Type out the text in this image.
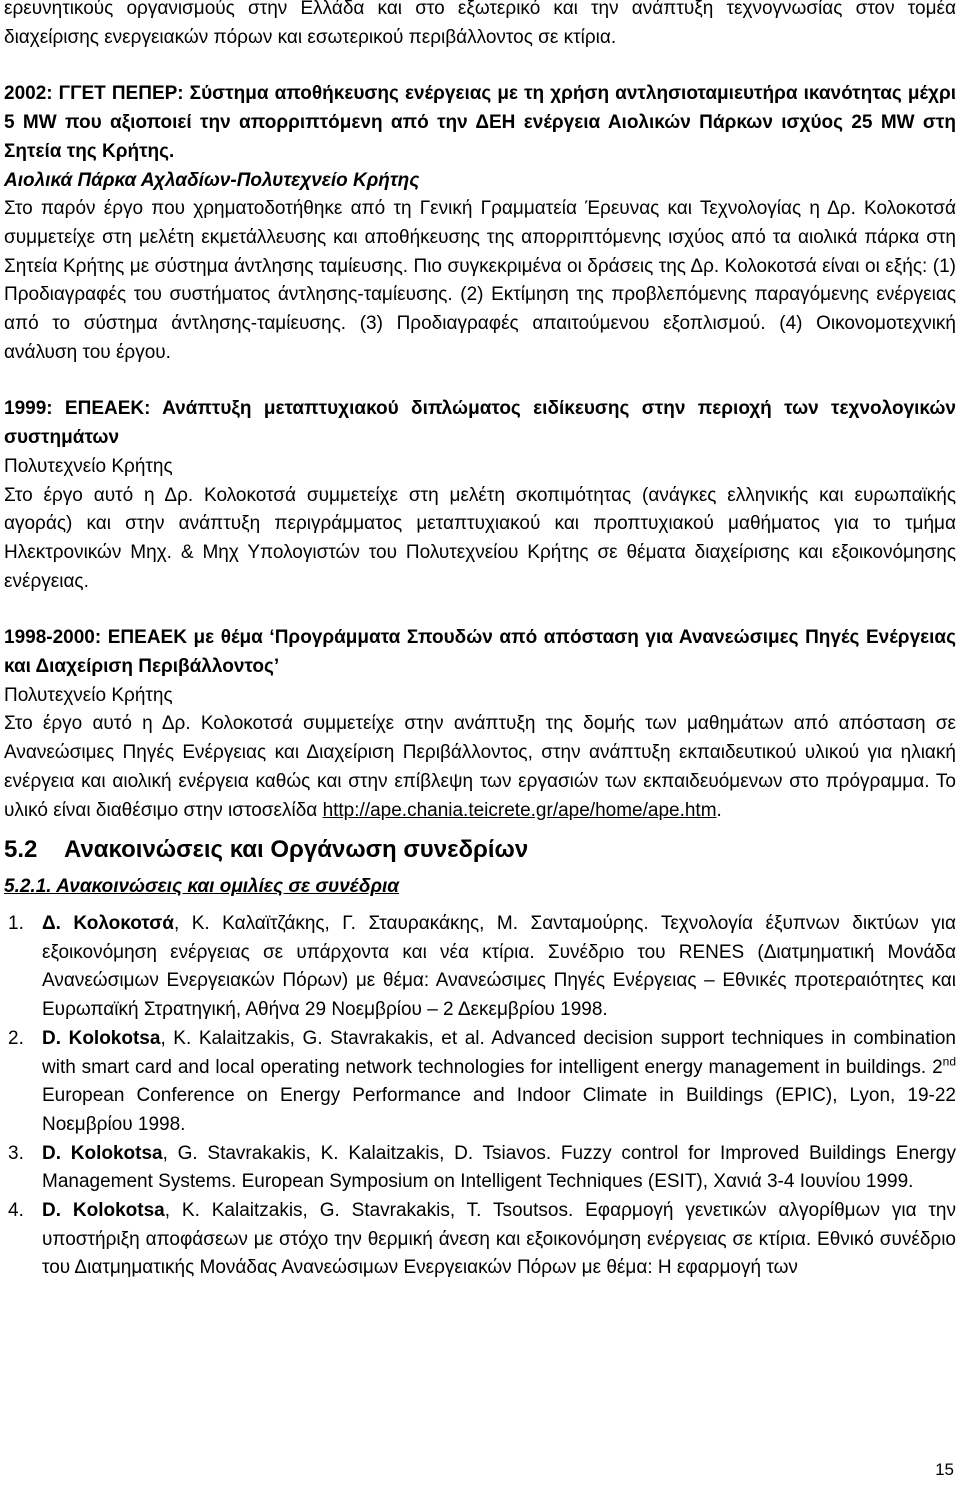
ερευνητικούς οργανισμούς στην Ελλάδα και στο εξωτερικό και την ανάπτυξη τεχνογνωσίας στον τομέα διαχείρισης ενεργειακών πόρων και εσωτερικού περιβάλλοντος σε κτίρια.

2002: ΓΓΕΤ ΠΕΠΕΡ: Σύστημα αποθήκευσης ενέργειας με τη χρήση αντλησιοταμιευτήρα ικανότητας μέχρι 5 MW που αξιοποιεί την απορριπτόμενη από την ΔΕΗ ενέργεια Αιολικών Πάρκων ισχύος 25 MW στη Σητεία της Κρήτης.

Αιολικά Πάρκα Αχλαδίων-Πολυτεχνείο Κρήτης

Στο παρόν έργο που χρηματοδοτήθηκε από τη Γενική Γραμματεία Έρευνας και Τεχνολογίας η Δρ. Κολοκοτσά συμμετείχε στη μελέτη εκμετάλλευσης και αποθήκευσης της απορριπτόμενης ισχύος από τα αιολικά πάρκα στη Σητεία Κρήτης με σύστημα άντλησης ταμίευσης. Πιο συγκεκριμένα οι δράσεις της Δρ. Κολοκοτσά είναι οι εξής: (1) Προδιαγραφές του συστήματος άντλησης-ταμίευσης. (2) Εκτίμηση της προβλεπόμενης παραγόμενης ενέργειας από το σύστημα άντλησης-ταμίευσης. (3) Προδιαγραφές απαιτούμενου εξοπλισμού. (4) Οικονομοτεχνική ανάλυση του έργου.

1999: ΕΠΕΑΕΚ: Ανάπτυξη μεταπτυχιακού διπλώματος ειδίκευσης στην περιοχή των τεχνολογικών συστημάτων

Πολυτεχνείο Κρήτης

Στο έργο αυτό η Δρ. Κολοκοτσά συμμετείχε στη μελέτη σκοπιμότητας (ανάγκες ελληνικής και ευρωπαϊκής αγοράς) και στην ανάπτυξη περιγράμματος μεταπτυχιακού και προπτυχιακού μαθήματος για το τμήμα Ηλεκτρονικών Μηχ. & Μηχ Υπολογιστών του Πολυτεχνείου Κρήτης σε θέματα διαχείρισης και εξοικονόμησης ενέργειας.

1998-2000: ΕΠΕΑΕΚ με θέμα ‘Προγράμματα Σπουδών από απόσταση για Ανανεώσιμες Πηγές Ενέργειας και Διαχείριση Περιβάλλοντος’

Πολυτεχνείο Κρήτης

Στο έργο αυτό η Δρ. Κολοκοτσά συμμετείχε στην ανάπτυξη της δομής των μαθημάτων από απόσταση σε Ανανεώσιμες Πηγές Ενέργειας και Διαχείριση Περιβάλλοντος, στην ανάπτυξη εκπαιδευτικού υλικού για ηλιακή ενέργεια και αιολική ενέργεια καθώς και στην επίβλεψη των εργασιών των εκπαιδευόμενων στο πρόγραμμα. Το υλικό είναι διαθέσιμο στην ιστοσελίδα http://ape.chania.teicrete.gr/ape/home/ape.htm.

5.2 Ανακοινώσεις και Οργάνωση συνεδρίων
5.2.1. Ανακοινώσεις και ομιλίες σε συνέδρια
1. Δ. Κολοκοτσά, Κ. Καλαϊτζάκης, Γ. Σταυρακάκης, Μ. Σανταμούρης. Τεχνολογία έξυπνων δικτύων για εξοικονόμηση ενέργειας σε υπάρχοντα και νέα κτίρια. Συνέδριο του RENES (Διατμηματική Μονάδα Ανανεώσιμων Ενεργειακών Πόρων) με θέμα: Ανανεώσιμες Πηγές Ενέργειας – Εθνικές προτεραιότητες και Ευρωπαϊκή Στρατηγική, Αθήνα 29 Νοεμβρίου – 2 Δεκεμβρίου 1998.
2. D. Kolokotsa, K. Kalaitzakis, G. Stavrakakis, et al. Advanced decision support techniques in combination with smart card and local operating network technologies for intelligent energy management in buildings. 2nd European Conference on Energy Performance and Indoor Climate in Buildings (EPIC), Lyon, 19-22 Νοεμβρίου 1998.
3. D. Kolokotsa, G. Stavrakakis, K. Kalaitzakis, D. Tsiavos. Fuzzy control for Improved Buildings Energy Management Systems. European Symposium on Intelligent Techniques (ESIT), Χανιά 3-4 Ιουνίου 1999.
4. D. Kolokotsa, K. Kalaitzakis, G. Stavrakakis, T. Tsoutsos. Εφαρμογή γενετικών αλγορίθμων για την υποστήριξη αποφάσεων με στόχο την θερμική άνεση και εξοικονόμηση ενέργειας σε κτίρια. Εθνικό συνέδριο του Διατμηματικής Μονάδας Ανανεώσιμων Ενεργειακών Πόρων με θέμα: Η εφαρμογή των
15
